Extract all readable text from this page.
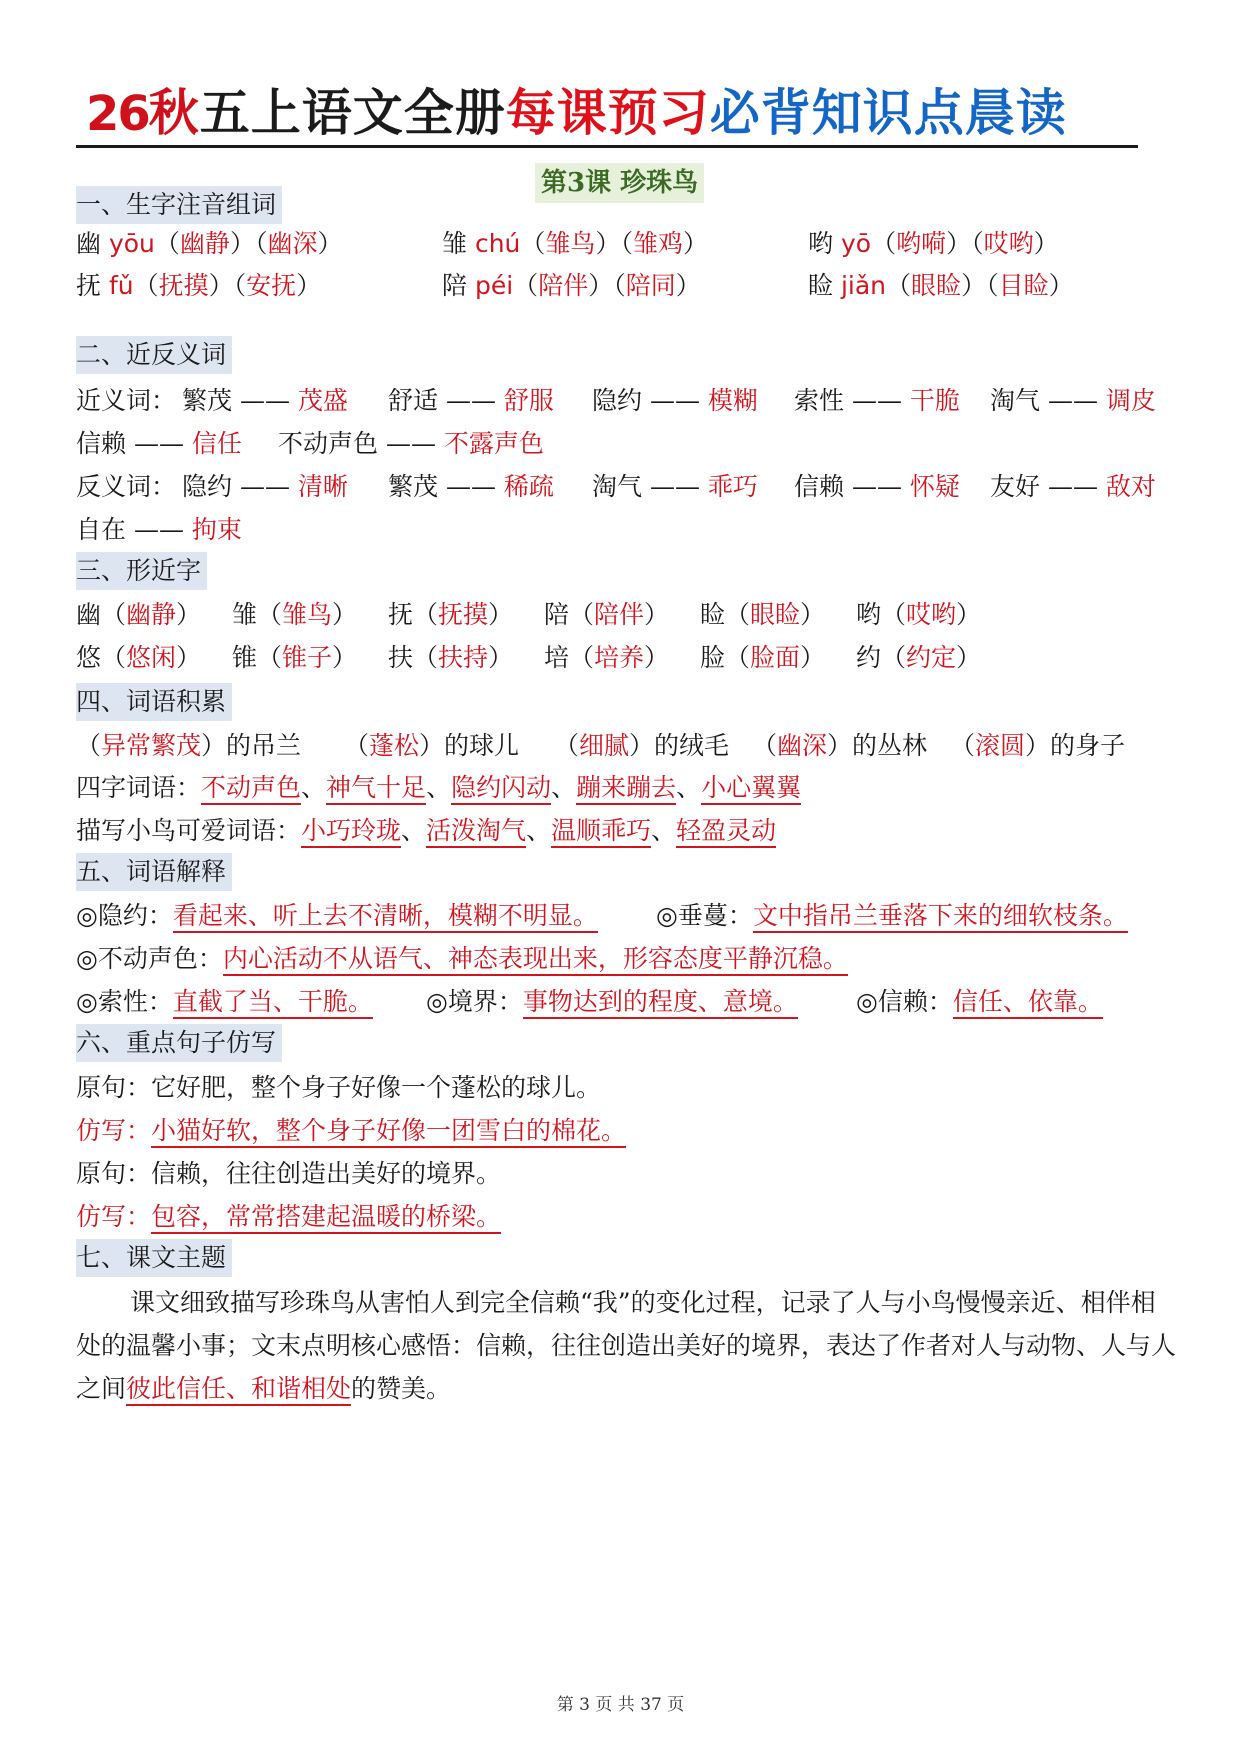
26秋五上语文全册每课预习必背知识点晨读
第3课 珍珠鸟
一、生字注音组词
幽 yōu（幽静）（幽深）	雏 chú（雏鸟）（雏鸡）	哟 yō（哟嗬）（哎哟）
抚 fǔ（抚摸）（安抚）	陪 péi（陪伴）（陪同）	睑 jiǎn（眼睑）（目睑）
二、近反义词
近义词： 繁茂 —— 茂盛 舒适 —— 舒服 隐约 —— 模糊 索性 —— 干脆 淘气 —— 调皮
信赖 —— 信任 不动声色 —— 不露声色
反义词： 隐约 —— 清晰 繁茂 —— 稀疏 淘气 —— 乖巧 信赖 —— 怀疑 友好 —— 敌对
自在 —— 拘束
三、形近字
幽（幽静） 雏（雏鸟） 抚（抚摸） 陪（陪伴） 睑（眼睑） 哟（哎哟）
悠（悠闲） 锥（锥子） 扶（扶持） 培（培养） 脸（脸面） 约（约定）
四、词语积累
（异常繁茂）的吊兰 （蓬松）的球儿 （细腻）的绒毛 （幽深）的丛林 （滚圆）的身子
四字词语：不动声色、神气十足、隐约闪动、蹦来蹦去、小心翼翼
描写小鸟可爱词语：小巧玲珑、活泼淘气、温顺乖巧、轻盈灵动
五、词语解释
◎隐约：看起来、听上去不清晰，模糊不明显。 ◎垂蔓：文中指吊兰垂落下来的细软枝条。
◎不动声色：内心活动不从语气、神态表现出来，形容态度平静沉稳。
◎索性：直截了当、干脆。 ◎境界：事物达到的程度、意境。 ◎信赖：信任、依靠。
六、重点句子仿写
原句：它好肥，整个身子好像一个蓬松的球儿。
仿写：小猫好软，整个身子好像一团雪白的棉花。
原句：信赖，往往创造出美好的境界。
仿写：包容，常常搭建起温暖的桥梁。
七、课文主题
课文细致描写珍珠鸟从害怕人到完全信赖“我”的变化过程，记录了人与小鸟慢慢亲近、相伴相处的温馨小事；文末点明核心感悟：信赖，往往创造出美好的境界，表达了作者对人与动物、人与人之间彼此信任、和谐相处的赞美。
第 3 页 共 37 页
